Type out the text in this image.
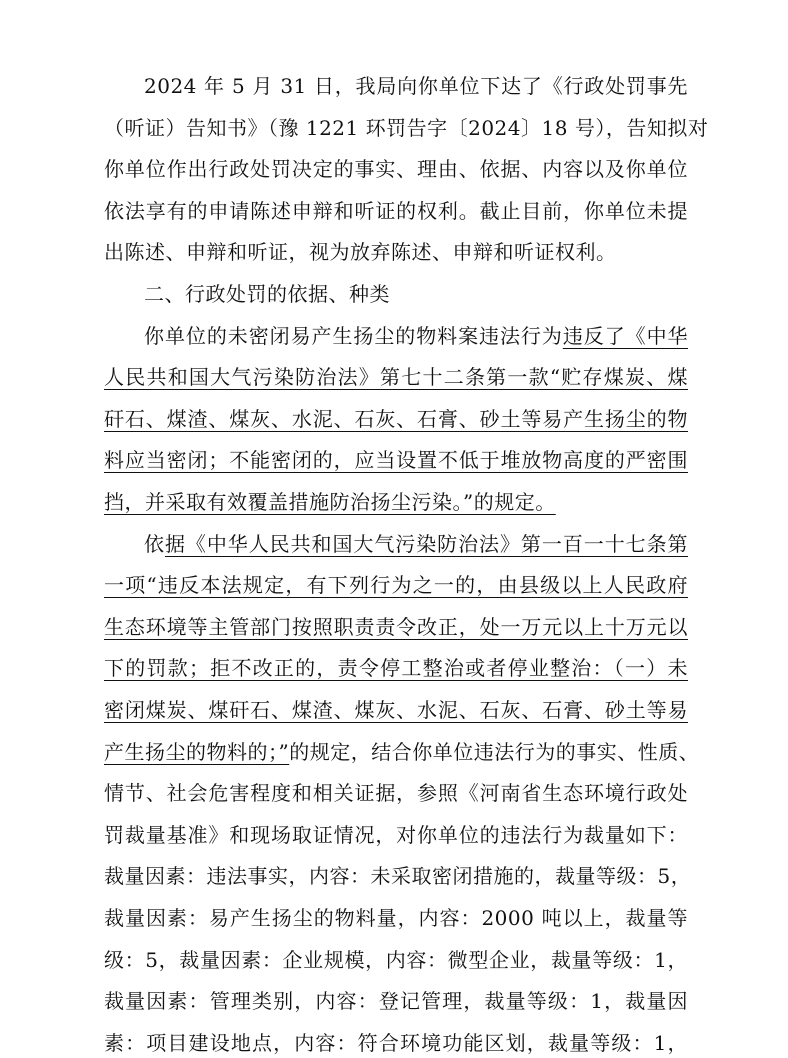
2024 年 5 月 31 日，我局向你单位下达了《行政处罚事先
（听证）告知书》（豫 1221 环罚告字〔2024〕18 号），告知拟对
你单位作出行政处罚决定的事实、理由、依据、内容以及你单位
依法享有的申请陈述申辩和听证的权利。截止目前，你单位未提
出陈述、申辩和听证，视为放弃陈述、申辩和听证权利。
二、行政处罚的依据、种类
你单位的未密闭易产生扬尘的物料案违法行为违反了《中华
人民共和国大气污染防治法》第七十二条第一款“贮存煤炭、煤
矸石、煤渣、煤灰、水泥、石灰、石膏、砂土等易产生扬尘的物
料应当密闭；不能密闭的，应当设置不低于堆放物高度的严密围
挡，并采取有效覆盖措施防治扬尘污染。”的规定。
依据《中华人民共和国大气污染防治法》第一百一十七条第
一项“违反本法规定，有下列行为之一的，由县级以上人民政府
生态环境等主管部门按照职责责令改正，处一万元以上十万元以
下的罚款；拒不改正的，责令停工整治或者停业整治：（一）未
密闭煤炭、煤矸石、煤渣、煤灰、水泥、石灰、石膏、砂土等易
产生扬尘的物料的；”的规定，结合你单位违法行为的事实、性质、
情节、社会危害程度和相关证据，参照《河南省生态环境行政处
罚裁量基准》和现场取证情况，对你单位的违法行为裁量如下：
裁量因素：违法事实，内容：未采取密闭措施的，裁量等级：5，
裁量因素：易产生扬尘的物料量，内容：2000 吨以上，裁量等
级：5，裁量因素：企业规模，内容：微型企业，裁量等级：1，
裁量因素：管理类别，内容：登记管理，裁量等级：1，裁量因
素：项目建设地点，内容：符合环境功能区划，裁量等级：1，
